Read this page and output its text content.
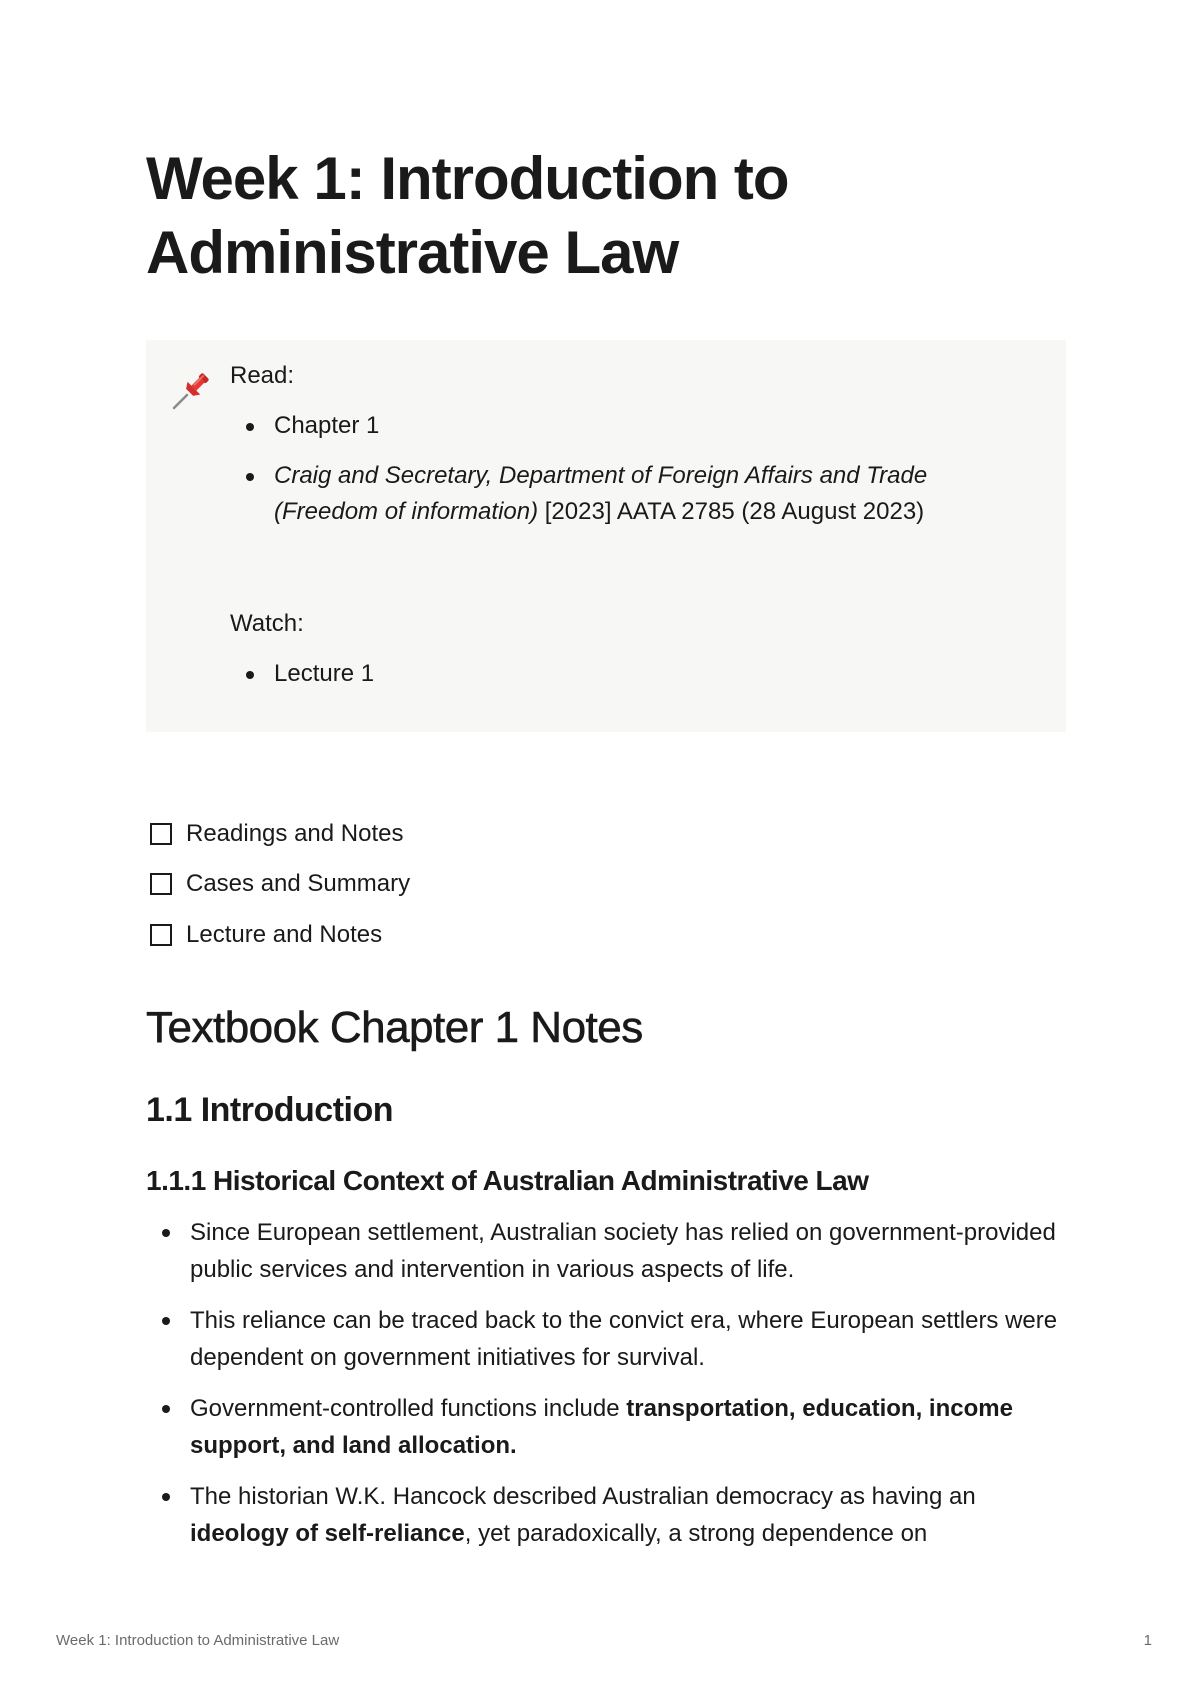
Week 1: Introduction to Administrative Law
Read:
Chapter 1
Craig and Secretary, Department of Foreign Affairs and Trade (Freedom of information) [2023] AATA 2785 (28 August 2023)
Watch:
Lecture 1
Readings and Notes
Cases and Summary
Lecture and Notes
Textbook Chapter 1 Notes
1.1 Introduction
1.1.1 Historical Context of Australian Administrative Law
Since European settlement, Australian society has relied on government-provided public services and intervention in various aspects of life.
This reliance can be traced back to the convict era, where European settlers were dependent on government initiatives for survival.
Government-controlled functions include transportation, education, income support, and land allocation.
The historian W.K. Hancock described Australian democracy as having an ideology of self-reliance, yet paradoxically, a strong dependence on
Week 1: Introduction to Administrative Law	1
